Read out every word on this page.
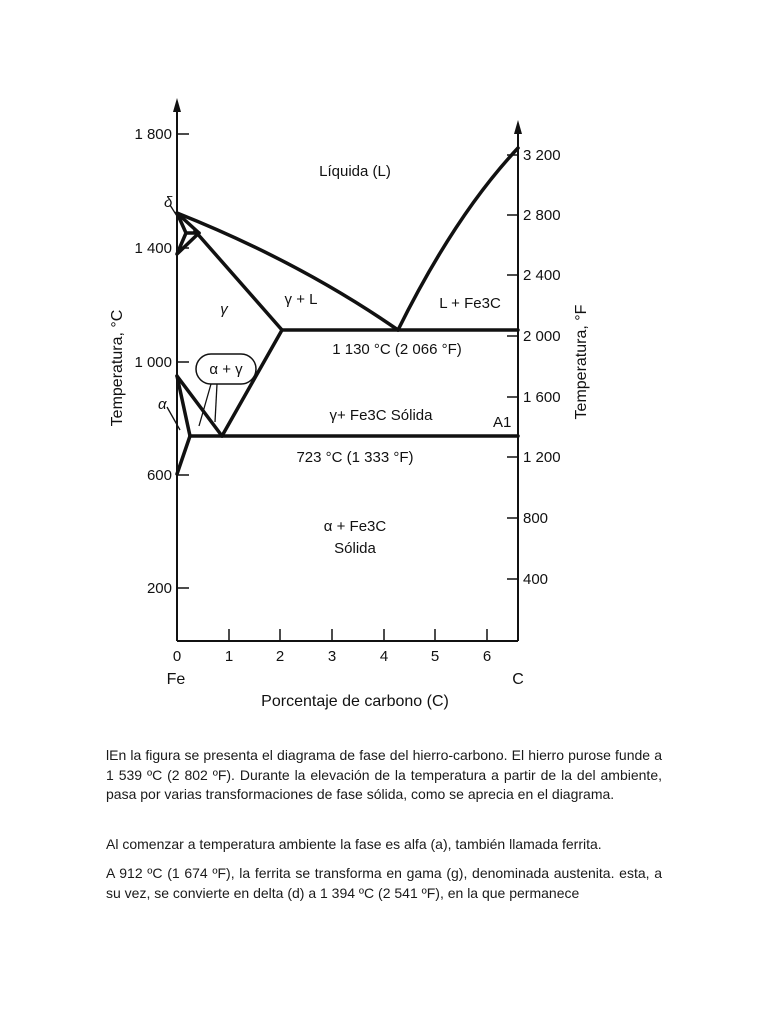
1 800
1 400
1 000
600
200
3 200
2 800
2 400
2 000
1 600
1 200
800
400
0	1	2	3	4	5	6
Fe	C
Porcentaje de carbono (C)
Temperatura, °C	Temperatura, °F
Líquida (L)
δ
γ
γ + L	L + Fe3C
1 130 °C (2 066 °F)
α + γ
α
γ+ Fe3C Sólida	A1
723 °C (1 333 °F)
α + Fe3C
Sólida

lEn la figura se presenta el diagrama de fase del hierro-carbono. El hierro purose funde a 1 539 ºC (2 802 ºF). Durante la elevación de la temperatura a partir de la del ambiente, pasa por varias transformaciones de fase sólida, como se aprecia en el diagrama.

Al comenzar a temperatura ambiente la fase es alfa (a), también llamada ferrita.

A 912 ºC (1 674 ºF), la ferrita se transforma en gama (g), denominada austenita. esta, a su vez, se convierte en delta (d) a 1 394 ºC (2 541 ºF), en la que permanece
